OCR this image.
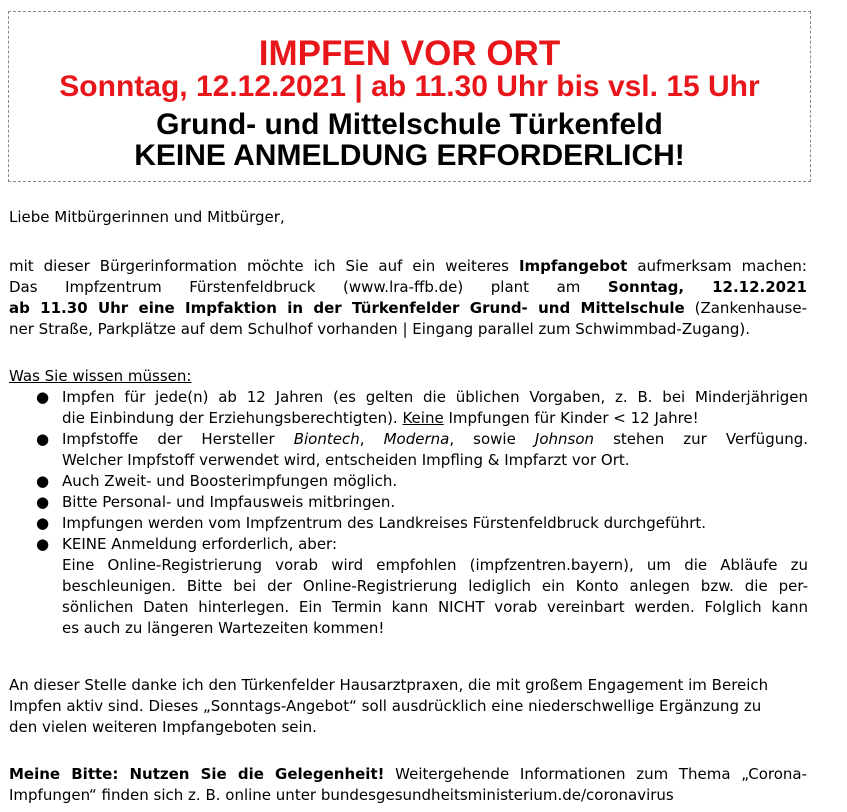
IMPFEN VOR ORT
Sonntag, 12.12.2021 | ab 11.30 Uhr bis vsl. 15 Uhr
Grund- und Mittelschule Türkenfeld
KEINE ANMELDUNG ERFORDERLICH!

Liebe Mitbürgerinnen und Mitbürger,

mit dieser Bürgerinformation möchte ich Sie auf ein weiteres Impfangebot aufmerksam machen:
Das Impfzentrum Fürstenfeldbruck (www.lra-ffb.de) plant am Sonntag, 12.12.2021
ab 11.30 Uhr eine Impfaktion in der Türkenfelder Grund- und Mittelschule (Zankenhause-
ner Straße, Parkplätze auf dem Schulhof vorhanden | Eingang parallel zum Schwimmbad-Zugang).
Was Sie wissen müssen:
● Impfen für jede(n) ab 12 Jahren (es gelten die üblichen Vorgaben, z. B. bei Minderjährigen
die Einbindung der Erziehungsberechtigten). Keine Impfungen für Kinder < 12 Jahre!
● Impfstoffe der Hersteller Biontech, Moderna, sowie Johnson stehen zur Verfügung.
Welcher Impfstoff verwendet wird, entscheiden Impfling & Impfarzt vor Ort.
● Auch Zweit- und Boosterimpfungen möglich.
● Bitte Personal- und Impfausweis mitbringen.
● Impfungen werden vom Impfzentrum des Landkreises Fürstenfeldbruck durchgeführt.
● KEINE Anmeldung erforderlich, aber:
Eine Online-Registrierung vorab wird empfohlen (impfzentren.bayern), um die Abläufe zu
beschleunigen. Bitte bei der Online-Registrierung lediglich ein Konto anlegen bzw. die per-
sönlichen Daten hinterlegen. Ein Termin kann NICHT vorab vereinbart werden. Folglich kann
es auch zu längeren Wartezeiten kommen!
An dieser Stelle danke ich den Türkenfelder Hausarztpraxen, die mit großem Engagement im Bereich
Impfen aktiv sind. Dieses „Sonntags-Angebot“ soll ausdrücklich eine niederschwellige Ergänzung zu
den vielen weiteren Impfangeboten sein.
Meine Bitte: Nutzen Sie die Gelegenheit! Weitergehende Informationen zum Thema „Corona-
Impfungen“ finden sich z. B. online unter bundesgesundheitsministerium.de/coronavirus
